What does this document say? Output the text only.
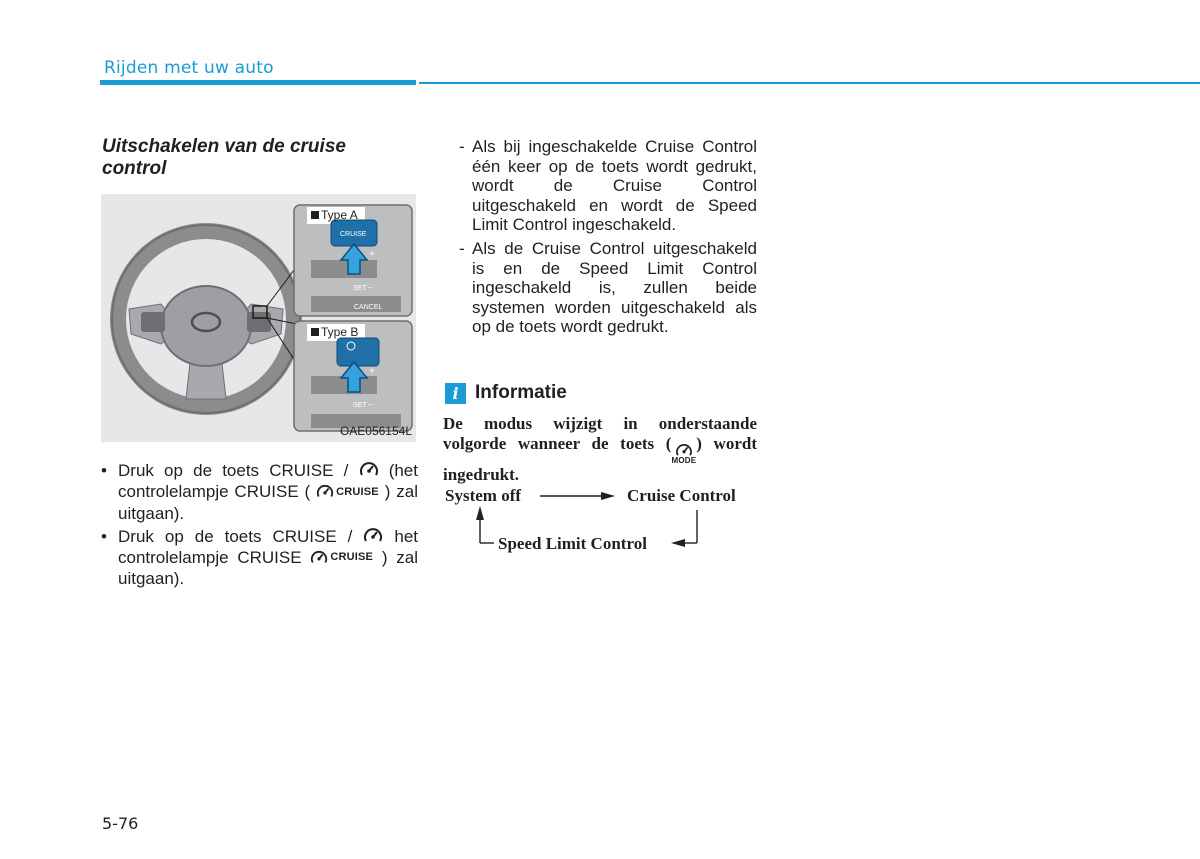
Rijden met uw auto
Uitschakelen van de cruise control
Type A
Type B
CRUISE
+
+
SET –
SET –
CANCEL
OAE056154L
• Druk op de toets CRUISE /  (het controlelampje CRUISE ( CRUISE ) zal uitgaan).
• Druk op de toets CRUISE /  het controlelampje CRUISE CRUISE ) zal uitgaan).
- Als bij ingeschakelde Cruise Control één keer op de toets wordt gedrukt, wordt de Cruise Control uitgeschakeld en wordt de Speed Limit Control ingeschakeld.
- Als de Cruise Control uitgeschakeld is en de Speed Limit Control ingeschakeld is, zullen beide systemen worden uitgeschakeld als op de toets wordt gedrukt.
i Informatie
De modus wijzigt in onderstaande volgorde wanneer de toets (
MODE
) wordt ingedrukt.
System off	Cruise Control
Speed Limit Control
5-76
